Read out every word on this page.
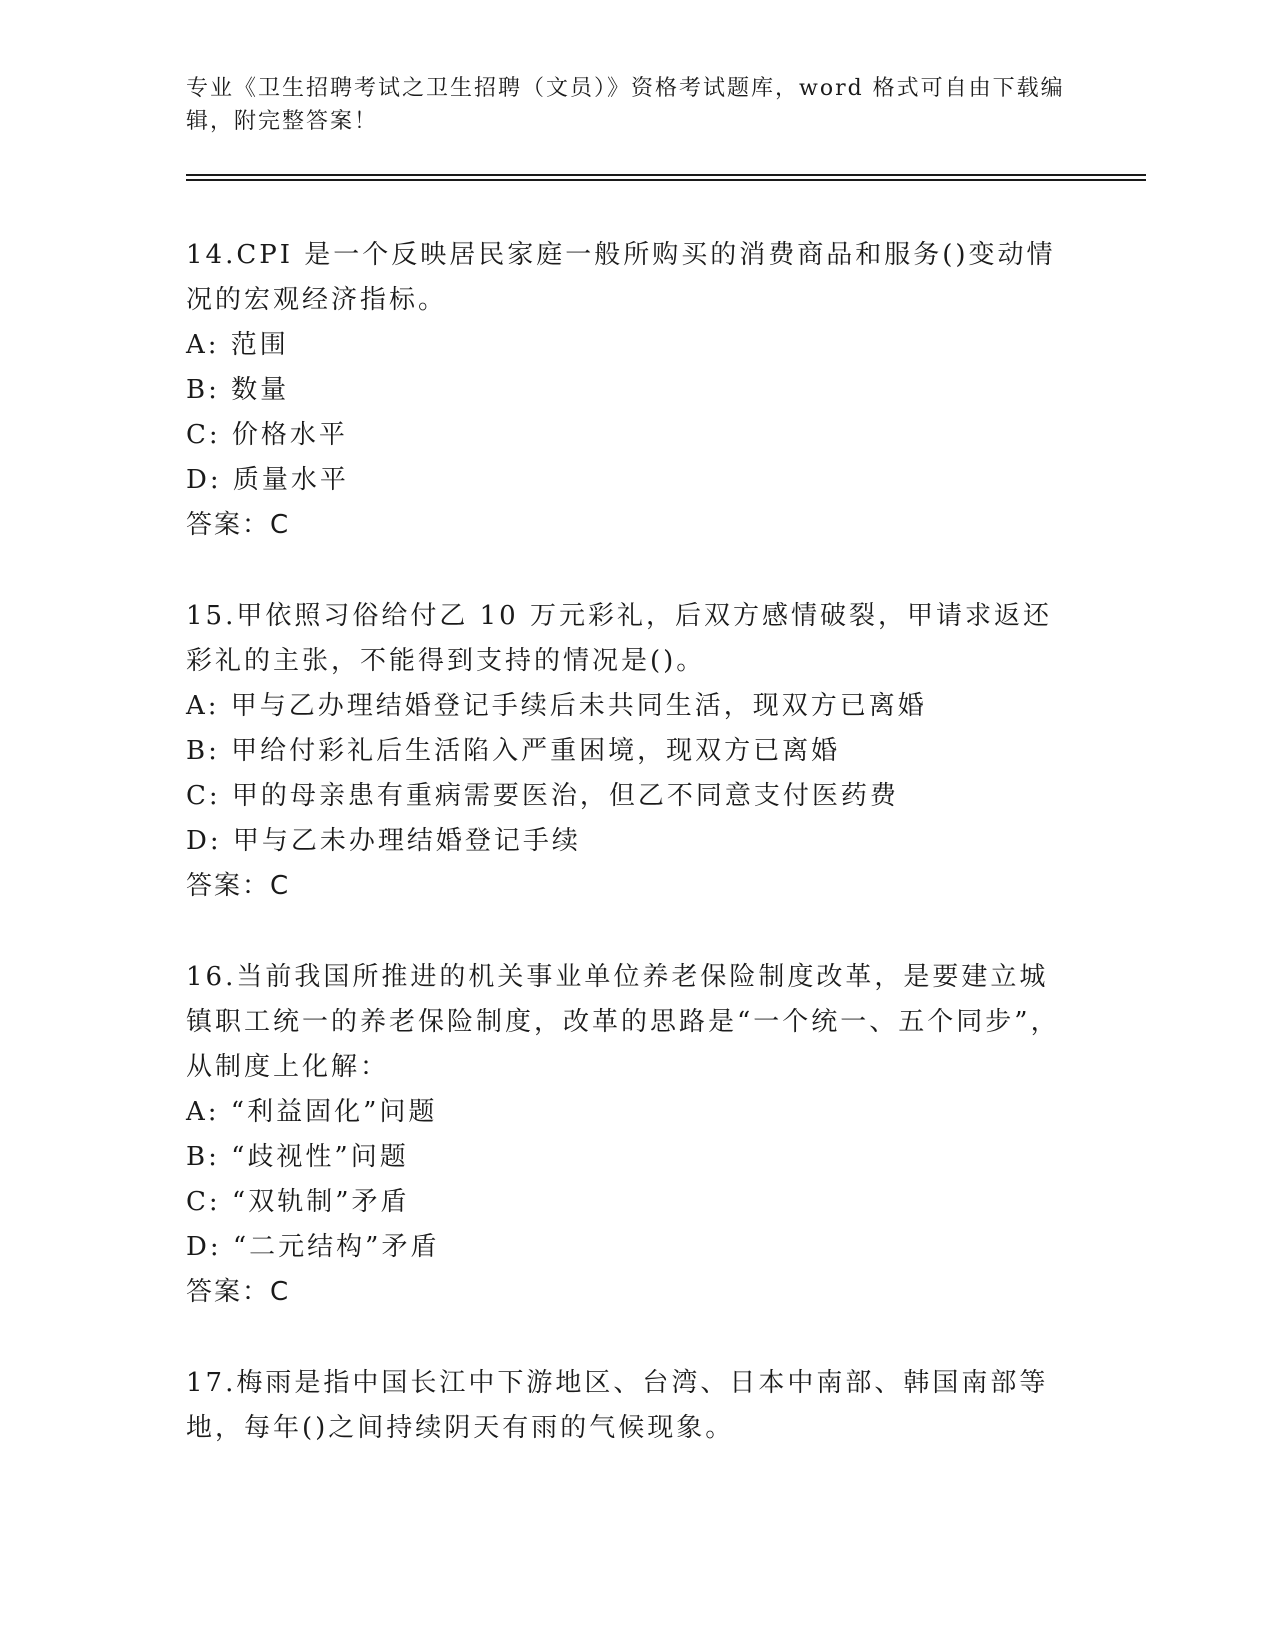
专业《卫生招聘考试之卫生招聘（文员）》资格考试题库，word 格式可自由下载编辑，附完整答案！

14.CPI 是一个反映居民家庭一般所购买的消费商品和服务()变动情况的宏观经济指标。

A: 范围

B: 数量

C: 价格水平

D: 质量水平

答案：C

15.甲依照习俗给付乙 10 万元彩礼，后双方感情破裂，甲请求返还彩礼的主张，不能得到支持的情况是()。

A: 甲与乙办理结婚登记手续后未共同生活，现双方已离婚

B: 甲给付彩礼后生活陷入严重困境，现双方已离婚

C: 甲的母亲患有重病需要医治，但乙不同意支付医药费

D: 甲与乙未办理结婚登记手续

答案：C

16.当前我国所推进的机关事业单位养老保险制度改革，是要建立城镇职工统一的养老保险制度，改革的思路是“一个统一、五个同步”，从制度上化解：

A: “利益固化”问题

B: “歧视性”问题

C: “双轨制”矛盾

D: “二元结构”矛盾

答案：C

17.梅雨是指中国长江中下游地区、台湾、日本中南部、韩国南部等地，每年()之间持续阴天有雨的气候现象。
